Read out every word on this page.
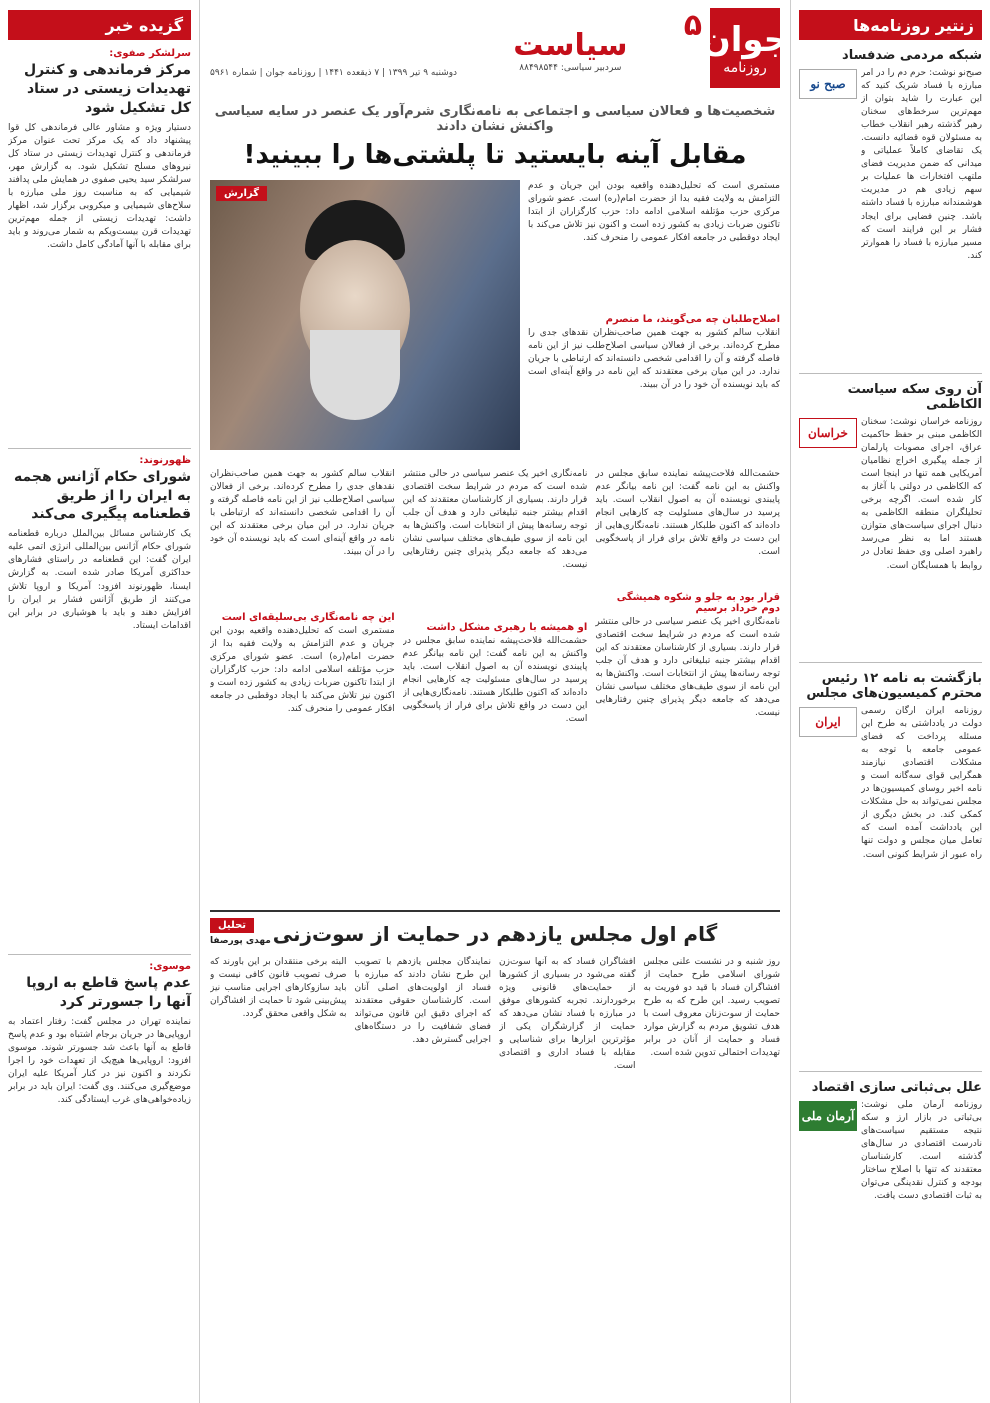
زنتیر روزنامه‌ها
شبکه مردمی ضدفساد
صبح نو
صبح‌نو نوشت: حرم دم را در امر مبارزه با فساد شریک کنید که این عبارت را شاید بتوان از مهم‌ترین سرخط‌های سخنان رهبر گذشته رهبر انقلاب خطاب به مسئولان قوه قضائیه دانست. یک تقاضای کاملاً عملیاتی و میدانی که ضمن مدیریت فضای ملتهب افتخارات ها عملیات بر سهم زیادی هم در مدیریت هوشمندانه مبارزه با فساد داشته باشد. چنین فضایی برای ایجاد فشار بر این فرایند است که مسیر مبارزه با فساد را هموارتر کند.
آن روی سکه سیاست الکاظمی
خراسان
روزنامه خراسان نوشت: سخنان الکاظمی مبنی بر حفظ حاکمیت عراق، اجرای مصوبات پارلمان از جمله پیگیری اخراج نظامیان آمریکایی همه تنها در اینجا است که الکاظمی در دولتی با آغاز به کار شده است. اگرچه برخی تحلیلگران منطقه الکاظمی به دنبال اجرای سیاست‌های متوازن هستند اما به نظر می‌رسد راهبرد اصلی وی حفظ تعادل در روابط با همسایگان است.
بازگشت به نامه ۱۲ رئیس محترم کمیسیون‌های مجلس
ایران
روزنامه ایران ارگان رسمی دولت در یادداشتی به طرح این مسئله پرداخت که فضای عمومی جامعه با توجه به مشکلات اقتصادی نیازمند همگرایی قوای سه‌گانه است و نامه اخیر روسای کمیسیون‌ها در مجلس نمی‌تواند به حل مشکلات کمکی کند. در بخش دیگری از این یادداشت آمده است که تعامل میان مجلس و دولت تنها راه عبور از شرایط کنونی است.
علل بی‌ثباتی سازی اقتصاد
آرمان ملی
روزنامه آرمان ملی نوشت: بی‌ثباتی در بازار ارز و سکه نتیجه مستقیم سیاست‌های نادرست اقتصادی در سال‌های گذشته است. کارشناسان معتقدند که تنها با اصلاح ساختار بودجه و کنترل نقدینگی می‌توان به ثبات اقتصادی دست یافت.
جوان
روزنامه
۵
سیاست
سردبیر سیاسی: ۸۸۴۹۸۵۴۴
دوشنبه ۹ تیر ۱۳۹۹ | ۷ ذیقعده ۱۴۴۱ | روزنامه جوان | شماره ۵۹۶۱
شخصیت‌ها و فعالان سیاسی و اجتماعی به نامه‌نگاری شرم‌آور یک عنصر در سایه سیاسی واکنش نشان دادند
مقابل آینه بایستید تا پلشتی‌ها را ببینید!
مستمری است که تحلیل‌دهنده واقعیه بودن این جریان و عدم التزامش به ولایت فقیه بدا از حضرت امام(ره) است. عضو شورای مرکزی حزب مؤتلفه اسلامی ادامه داد: حزب کارگزاران از ابتدا تاکنون ضربات زیادی به کشور زده است و اکنون نیز تلاش می‌کند با ایجاد دوقطبی در جامعه افکار عمومی را منحرف کند.
اصلاح‌طلبان چه می‌گویند، ما منصرم
انقلاب سالم کشور به جهت همین صاحب‌نظران نقدهای جدی را مطرح کرده‌اند. برخی از فعالان سیاسی اصلاح‌طلب نیز از این نامه فاصله گرفته و آن را اقدامی شخصی دانسته‌اند که ارتباطی با جریان ندارد. در این میان برخی معتقدند که این نامه در واقع آینه‌ای است که باید نویسنده آن خود را در آن ببیند.
گزارش
حشمت‌الله فلاحت‌پیشه نماینده سابق مجلس در واکنش به این نامه گفت: این نامه بیانگر عدم پایبندی نویسنده آن به اصول انقلاب است. باید پرسید در سال‌های مسئولیت چه کارهایی انجام داده‌اند که اکنون طلبکار هستند. نامه‌نگاری‌هایی از این دست در واقع تلاش برای فرار از پاسخگویی است.
قرار بود به جلو و شکوه همیشگی دوم خرداد برسیم
نامه‌نگاری اخیر یک عنصر سیاسی در حالی منتشر شده است که مردم در شرایط سخت اقتصادی قرار دارند. بسیاری از کارشناسان معتقدند که این اقدام بیشتر جنبه تبلیغاتی دارد و هدف آن جلب توجه رسانه‌ها پیش از انتخابات است. واکنش‌ها به این نامه از سوی طیف‌های مختلف سیاسی نشان می‌دهد که جامعه دیگر پذیرای چنین رفتارهایی نیست.
نامه‌نگاری اخیر یک عنصر سیاسی در حالی منتشر شده است که مردم در شرایط سخت اقتصادی قرار دارند. بسیاری از کارشناسان معتقدند که این اقدام بیشتر جنبه تبلیغاتی دارد و هدف آن جلب توجه رسانه‌ها پیش از انتخابات است. واکنش‌ها به این نامه از سوی طیف‌های مختلف سیاسی نشان می‌دهد که جامعه دیگر پذیرای چنین رفتارهایی نیست.
او همیشه با رهبری مشکل داشت
حشمت‌الله فلاحت‌پیشه نماینده سابق مجلس در واکنش به این نامه گفت: این نامه بیانگر عدم پایبندی نویسنده آن به اصول انقلاب است. باید پرسید در سال‌های مسئولیت چه کارهایی انجام داده‌اند که اکنون طلبکار هستند. نامه‌نگاری‌هایی از این دست در واقع تلاش برای فرار از پاسخگویی است.
انقلاب سالم کشور به جهت همین صاحب‌نظران نقدهای جدی را مطرح کرده‌اند. برخی از فعالان سیاسی اصلاح‌طلب نیز از این نامه فاصله گرفته و آن را اقدامی شخصی دانسته‌اند که ارتباطی با جریان ندارد. در این میان برخی معتقدند که این نامه در واقع آینه‌ای است که باید نویسنده آن خود را در آن ببیند.
این چه نامه‌نگاری بی‌سلیقه‌ای است
مستمری است که تحلیل‌دهنده واقعیه بودن این جریان و عدم التزامش به ولایت فقیه بدا از حضرت امام(ره) است. عضو شورای مرکزی حزب مؤتلفه اسلامی ادامه داد: حزب کارگزاران از ابتدا تاکنون ضربات زیادی به کشور زده است و اکنون نیز تلاش می‌کند با ایجاد دوقطبی در جامعه افکار عمومی را منحرف کند.
تحلیل
مهدی پورصفا گام اول مجلس یازدهم در حمایت از سوت‌زنی
روز شنبه و در نشست علنی مجلس شورای اسلامی طرح حمایت از افشاگران فساد با قید دو فوریت به تصویب رسید. این طرح که به طرح حمایت از سوت‌زنان معروف است با هدف تشویق مردم به گزارش موارد فساد و حمایت از آنان در برابر تهدیدات احتمالی تدوین شده است.
افشاگران فساد که به آنها سوت‌زن گفته می‌شود در بسیاری از کشورها از حمایت‌های قانونی ویژه برخوردارند. تجربه کشورهای موفق در مبارزه با فساد نشان می‌دهد که حمایت از گزارشگران یکی از مؤثرترین ابزارها برای شناسایی و مقابله با فساد اداری و اقتصادی است.
نمایندگان مجلس یازدهم با تصویب این طرح نشان دادند که مبارزه با فساد از اولویت‌های اصلی آنان است. کارشناسان حقوقی معتقدند که اجرای دقیق این قانون می‌تواند فضای شفافیت را در دستگاه‌های اجرایی گسترش دهد.
البته برخی منتقدان بر این باورند که صرف تصویب قانون کافی نیست و باید سازوکارهای اجرایی مناسب نیز پیش‌بینی شود تا حمایت از افشاگران به شکل واقعی محقق گردد.
گزیده خبر
سرلشکر صفوی:
مرکز فرماندهی و کنترل تهدیدات زیستی در ستاد کل تشکیل شود
دستیار ویژه و مشاور عالی فرماندهی کل قوا پیشنهاد داد که یک مرکز تحت عنوان مرکز فرماندهی و کنترل تهدیدات زیستی در ستاد کل نیروهای مسلح تشکیل شود. به گزارش مهر، سرلشکر سید یحیی صفوی در همایش ملی پدافند شیمیایی که به مناسبت روز ملی مبارزه با سلاح‌های شیمیایی و میکروبی برگزار شد، اظهار داشت: تهدیدات زیستی از جمله مهم‌ترین تهدیدات قرن بیست‌ویکم به شمار می‌روند و باید برای مقابله با آنها آمادگی کامل داشت.
ظهورنوند:
شورای حکام آژانس هجمه به ایران را از طریق قطعنامه پیگیری می‌کند
یک کارشناس مسائل بین‌الملل درباره قطعنامه شورای حکام آژانس بین‌المللی انرژی اتمی علیه ایران گفت: این قطعنامه در راستای فشارهای حداکثری آمریکا صادر شده است. به گزارش ایسنا، ظهورنوند افزود: آمریکا و اروپا تلاش می‌کنند از طریق آژانس فشار بر ایران را افزایش دهند و باید با هوشیاری در برابر این اقدامات ایستاد.
موسوی:
عدم پاسخ قاطع به اروپا آنها را جسورتر کرد
نماینده تهران در مجلس گفت: رفتار اعتماد به اروپایی‌ها در جریان برجام اشتباه بود و عدم پاسخ قاطع به آنها باعث شد جسورتر شوند. موسوی افزود: اروپایی‌ها هیچ‌یک از تعهدات خود را اجرا نکردند و اکنون نیز در کنار آمریکا علیه ایران موضع‌گیری می‌کنند. وی گفت: ایران باید در برابر زیاده‌خواهی‌های غرب ایستادگی کند.
